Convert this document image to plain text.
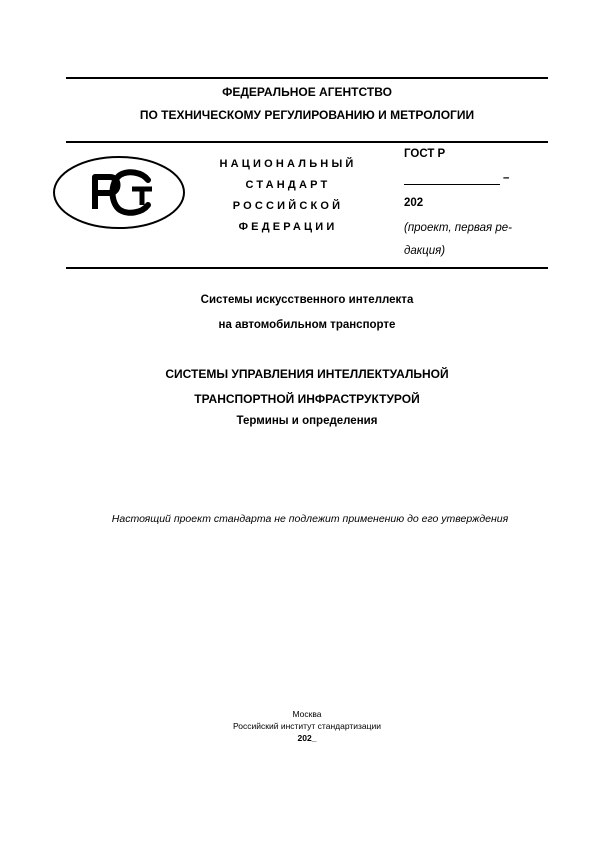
ФЕДЕРАЛЬНОЕ АГЕНТСТВО
ПО ТЕХНИЧЕСКОМУ РЕГУЛИРОВАНИЮ И МЕТРОЛОГИИ
НАЦИОНАЛЬНЫЙ
СТАНДАРТ
РОССИЙСКОЙ
ФЕДЕРАЦИИ
ГОСТ Р
–
202
(проект, первая ре-
дакция)
Системы искусственного интеллекта
на автомобильном транспорте
СИСТЕМЫ УПРАВЛЕНИЯ ИНТЕЛЛЕКТУАЛЬНОЙ
ТРАНСПОРТНОЙ ИНФРАСТРУКТУРОЙ
Термины и определения
Настоящий проект стандарта не подлежит применению до его утверждения
Москва
Российский институт стандартизации
202_
